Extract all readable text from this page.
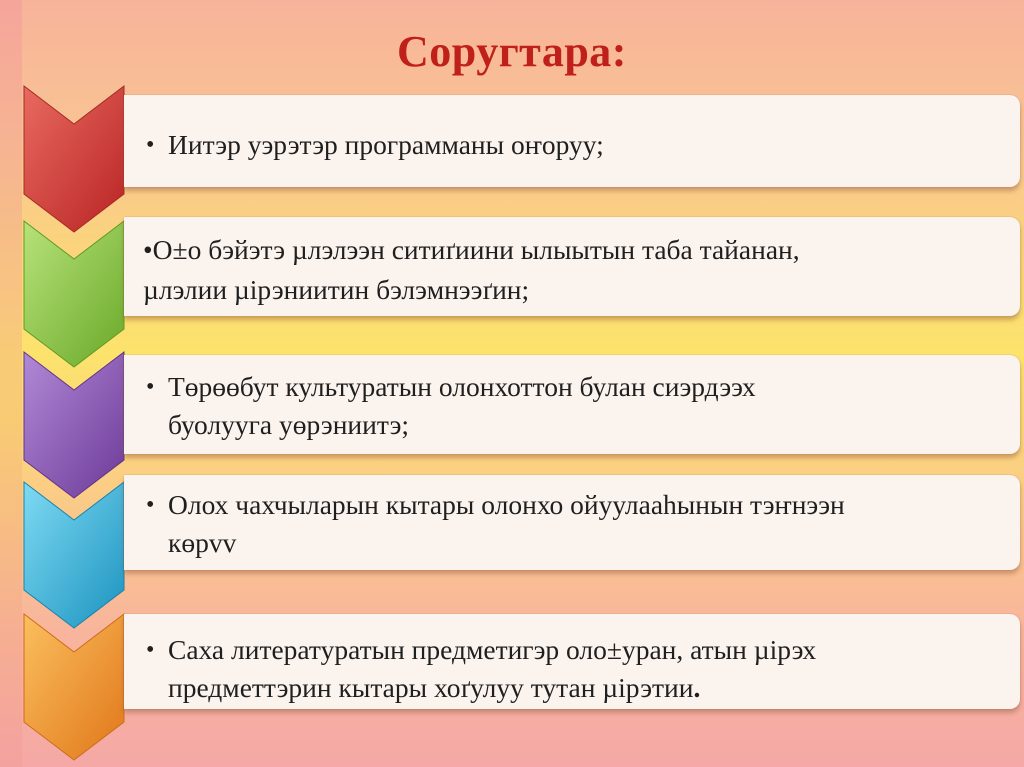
Соругтара:
• Иитэр уэрэтэр программаны оҥоруу;
•О±о бэйэтэ µлэлээн ситиґиини ылыытын таба тайанан,
µлэлии µірэниитин бэлэмнээґин;
• Төрөөбут культуратын олонхоттон булан сиэрдээх
буолууга уөрэниитэ;
• Олох чахчыларын кытары олонхо ойуулааһынын тэҥнээн
көрvv
• Саха литературатын предметигэр оло±уран, атын µірэх
предметтэрин кытары хоґулуу тутан µірэтии.
